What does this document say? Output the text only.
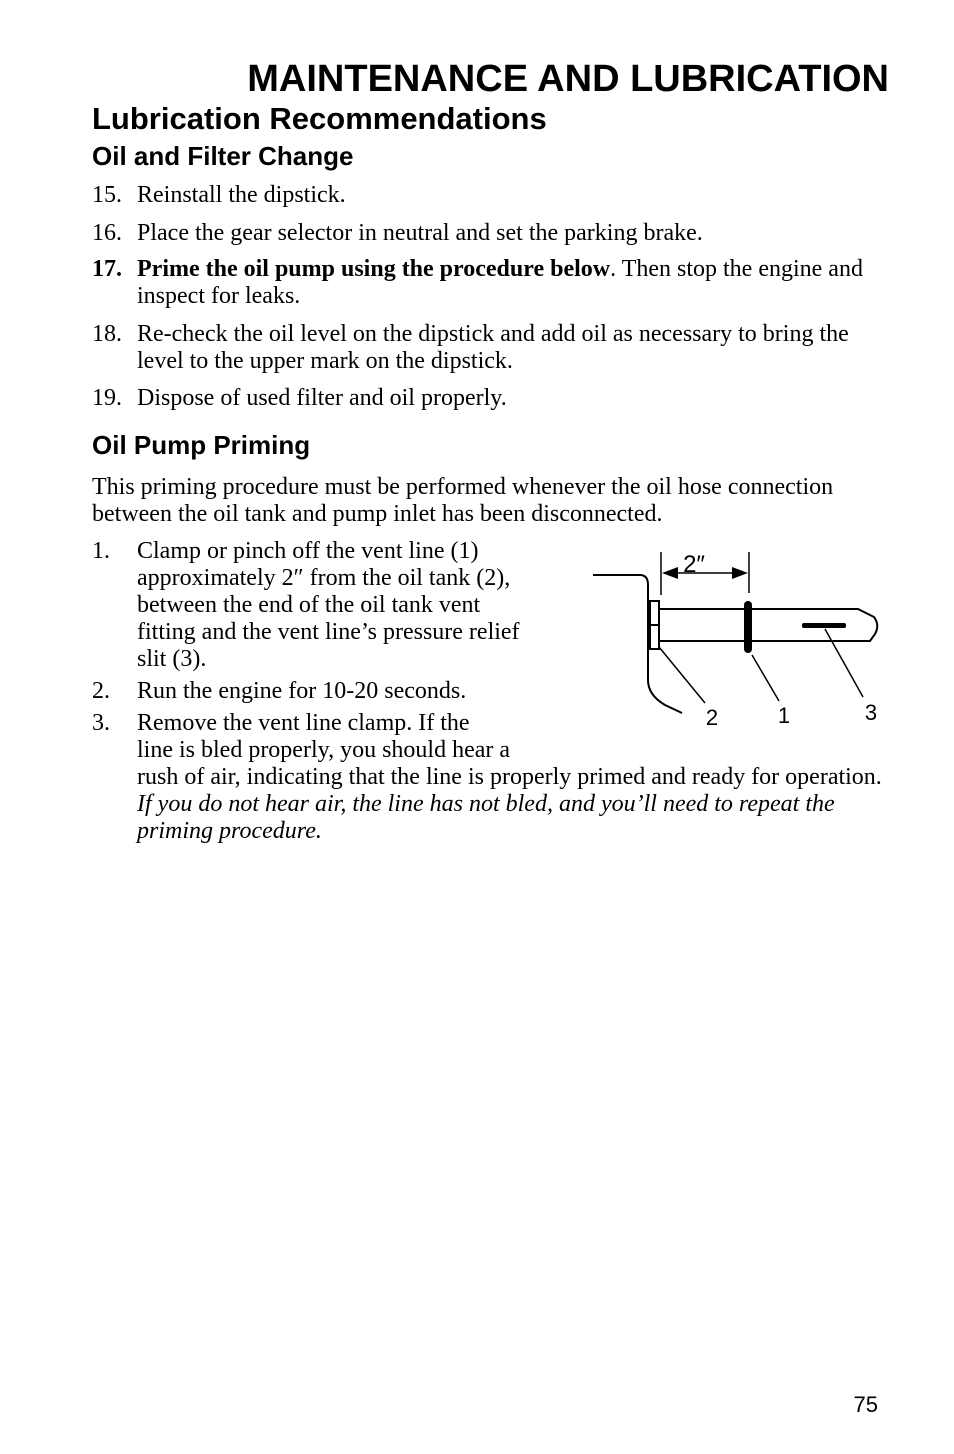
MAINTENANCE AND LUBRICATION
Lubrication Recommendations
Oil and Filter Change
15. Reinstall the dipstick.
16. Place the gear selector in neutral and set the parking brake.
17. Prime the oil pump using the procedure below. Then stop the engine and inspect for leaks.
18. Re-check the oil level on the dipstick and add oil as necessary to bring the level to the upper mark on the dipstick.
19. Dispose of used filter and oil properly.
Oil Pump Priming
This priming procedure must be performed whenever the oil hose connection between the oil tank and pump inlet has been disconnected.
1. Clamp or pinch off the vent line (1) approximately 2″ from the oil tank (2), between the end of the oil tank vent fitting and the vent line’s pressure relief slit (3).
2. Run the engine for 10-20 seconds.
3. Remove the vent line clamp. If the
line is bled properly, you should hear a
rush of air, indicating that the line is properly primed and ready for operation. If you do not hear air, the line has not bled, and you’ll need to repeat the priming procedure.
2″
2	1	3
75
